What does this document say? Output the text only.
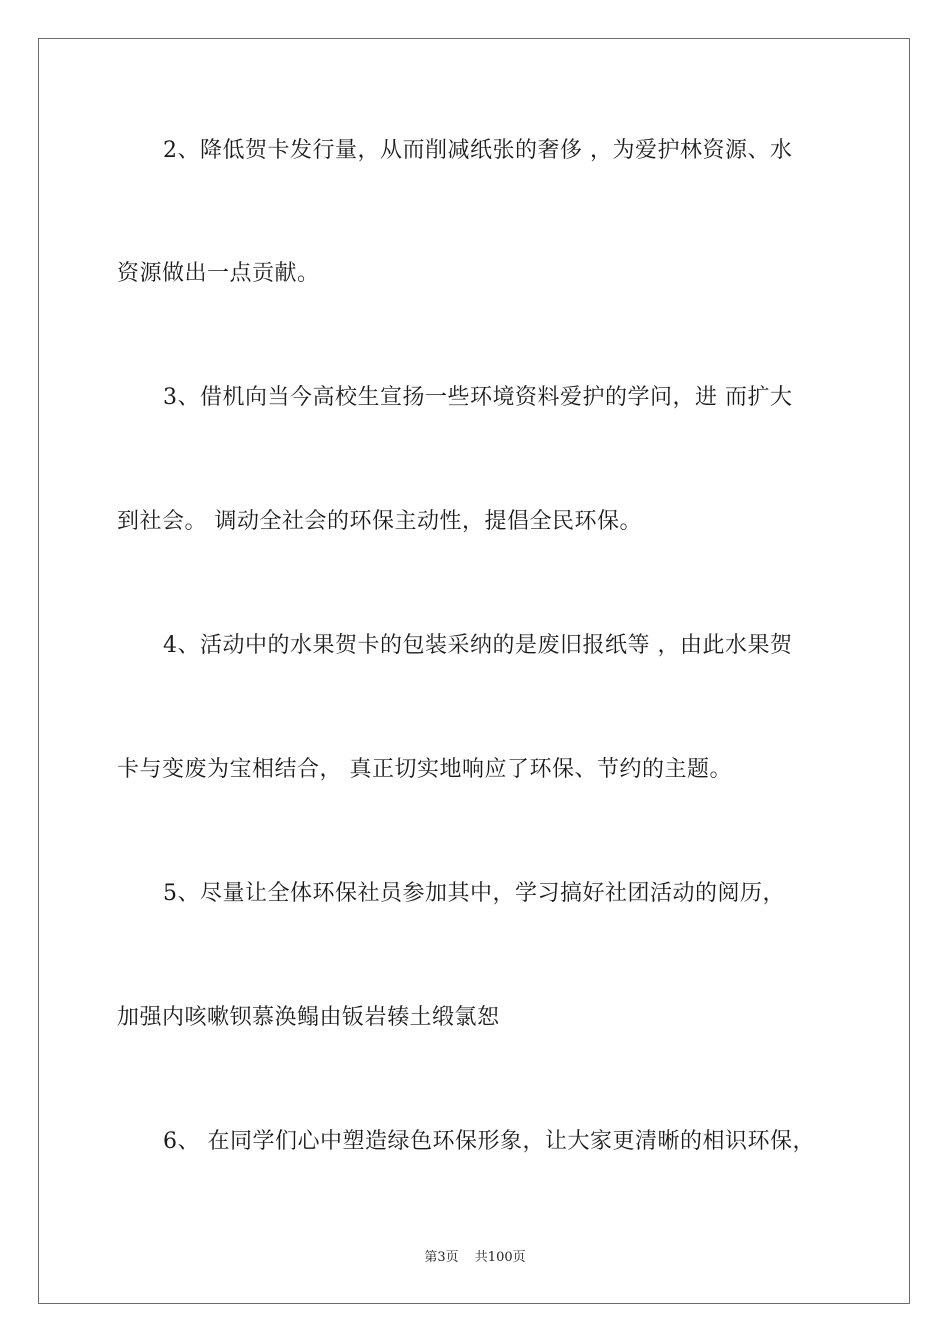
2、降低贺卡发行量，从而削减纸张的奢侈 ，为爱护林资源、水
资源做出一点贡献。
3、借机向当今高校生宣扬一些环境资料爱护的学问，进 而扩大
到社会。 调动全社会的环保主动性，提倡全民环保。
4、活动中的水果贺卡的包装采纳的是废旧报纸等 ，由此水果贺
卡与变废为宝相结合， 真正切实地响应了环保、节约的主题。
5、尽量让全体环保社员参加其中，学习搞好社团活动的阅历，
加强内咳嗽钡慕涣鳎由钣岩辏土缎氯恕
6、 在同学们心中塑造绿色环保形象，让大家更清晰的相识环保，
第3页 共100页
